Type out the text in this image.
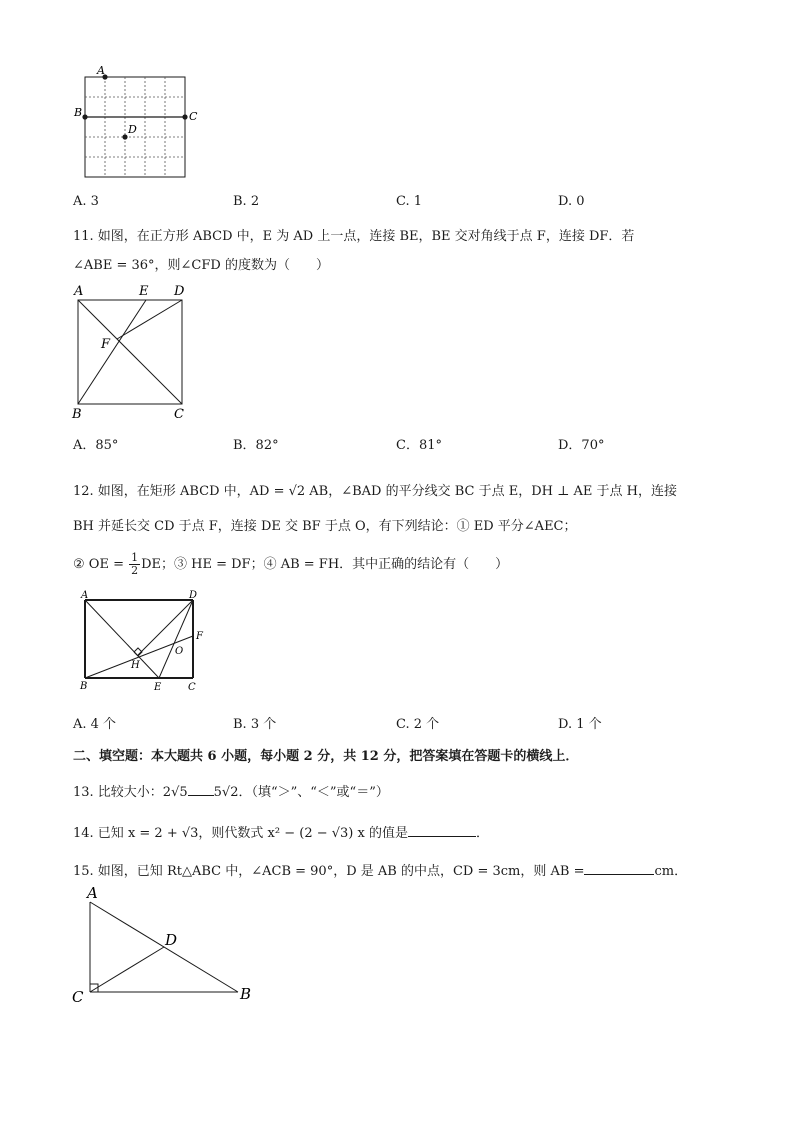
A
B	C
D
A. 3	B. 2	C. 1	D. 0
11. 如图，在正方形 ABCD 中，E 为 AD 上一点，连接 BE，BE 交对角线于点 F，连接 DF．若
∠ABE = 36°，则∠CFD 的度数为（　　）
A	E D
F
B	C
A．85°	B．82°	C．81°	D．70°
12. 如图，在矩形 ABCD 中，AD = √2 AB，∠BAD 的平分线交 BC 于点 E，DH ⊥ AE 于点 H，连接
BH 并延长交 CD 于点 F，连接 DE 交 BF 于点 O，有下列结论：① ED 平分∠AEC；
② OE = $\frac{1}{2}$ DE；③ HE = DF；④ AB = FH．其中正确的结论有（　　）
A	D
F
O
H
B	E	C
A. 4 个	B. 3 个	C. 2 个	D. 1 个
二、填空题：本大题共 6 小题，每小题 2 分，共 12 分，把答案填在答题卡的横线上．
13. 比较大小：2√5 5√2．（填“＞”、“＜”或“＝”）
14. 已知 x = 2 + √3，则代数式 x² − (2 − √3) x 的值是	．
15. 如图，已知 Rt△ABC 中，∠ACB = 90°，D 是 AB 的中点，CD = 3cm，则 AB =	cm．
A
D
C	B
